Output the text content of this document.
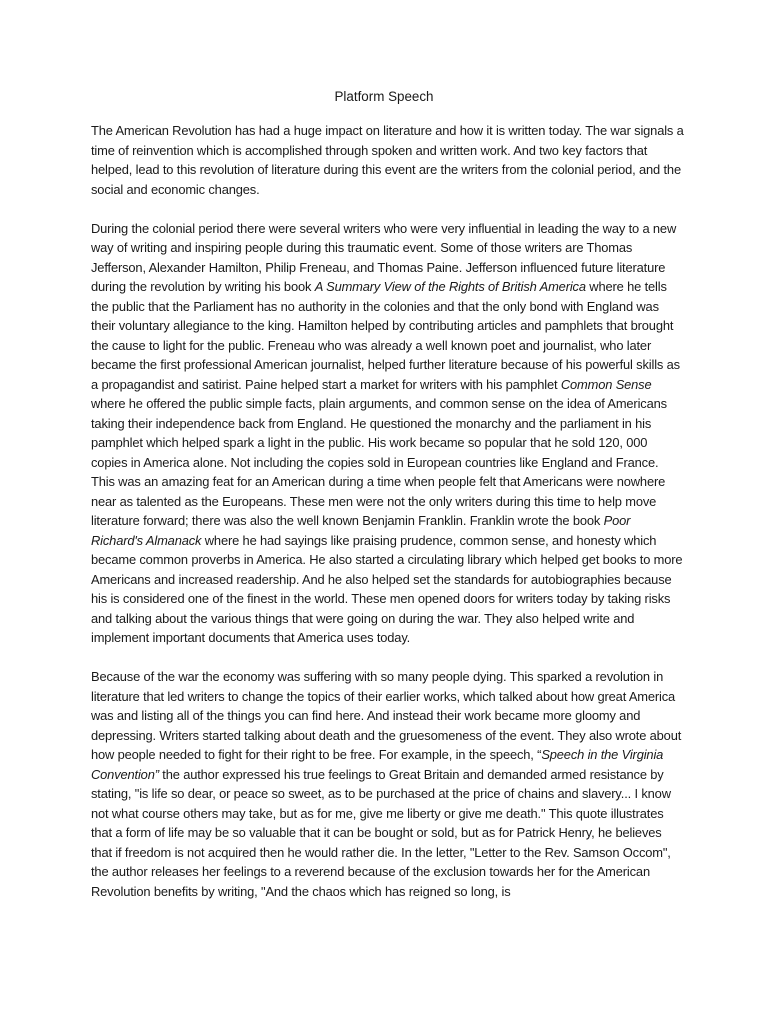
Platform Speech

The American Revolution has had a huge impact on literature and how it is written today. The war signals a time of reinvention which is accomplished through spoken and written work. And two key factors that helped, lead to this revolution of literature during this event are the writers from the colonial period, and the social and economic changes.

During the colonial period there were several writers who were very influential in leading the way to a new way of writing and inspiring people during this traumatic event. Some of those writers are Thomas Jefferson, Alexander Hamilton, Philip Freneau, and Thomas Paine. Jefferson influenced future literature during the revolution by writing his book A Summary View of the Rights of British America where he tells the public that the Parliament has no authority in the colonies and that the only bond with England was their voluntary allegiance to the king. Hamilton helped by contributing articles and pamphlets that brought the cause to light for the public. Freneau who was already a well known poet and journalist, who later became the first professional American journalist, helped further literature because of his powerful skills as a propagandist and satirist. Paine helped start a market for writers with his pamphlet Common Sense where he offered the public simple facts, plain arguments, and common sense on the idea of Americans taking their independence back from England. He questioned the monarchy and the parliament in his pamphlet which helped spark a light in the public. His work became so popular that he sold 120, 000 copies in America alone. Not including the copies sold in European countries like England and France. This was an amazing feat for an American during a time when people felt that Americans were nowhere near as talented as the Europeans. These men were not the only writers during this time to help move literature forward; there was also the well known Benjamin Franklin. Franklin wrote the book Poor Richard's Almanack where he had sayings like praising prudence, common sense, and honesty which became common proverbs in America. He also started a circulating library which helped get books to more Americans and increased readership. And he also helped set the standards for autobiographies because his is considered one of the finest in the world. These men opened doors for writers today by taking risks and talking about the various things that were going on during the war. They also helped write and implement important documents that America uses today.

Because of the war the economy was suffering with so many people dying. This sparked a revolution in literature that led writers to change the topics of their earlier works, which talked about how great America was and listing all of the things you can find here. And instead their work became more gloomy and depressing. Writers started talking about death and the gruesomeness of the event. They also wrote about how people needed to fight for their right to be free. For example, in the speech, “Speech in the Virginia Convention” the author expressed his true feelings to Great Britain and demanded armed resistance by stating, "is life so dear, or peace so sweet, as to be purchased at the price of chains and slavery... I know not what course others may take, but as for me, give me liberty or give me death." This quote illustrates that a form of life may be so valuable that it can be bought or sold, but as for Patrick Henry, he believes that if freedom is not acquired then he would rather die. In the letter, "Letter to the Rev. Samson Occom", the author releases her feelings to a reverend because of the exclusion towards her for the American Revolution benefits by writing, "And the chaos which has reigned so long, is
